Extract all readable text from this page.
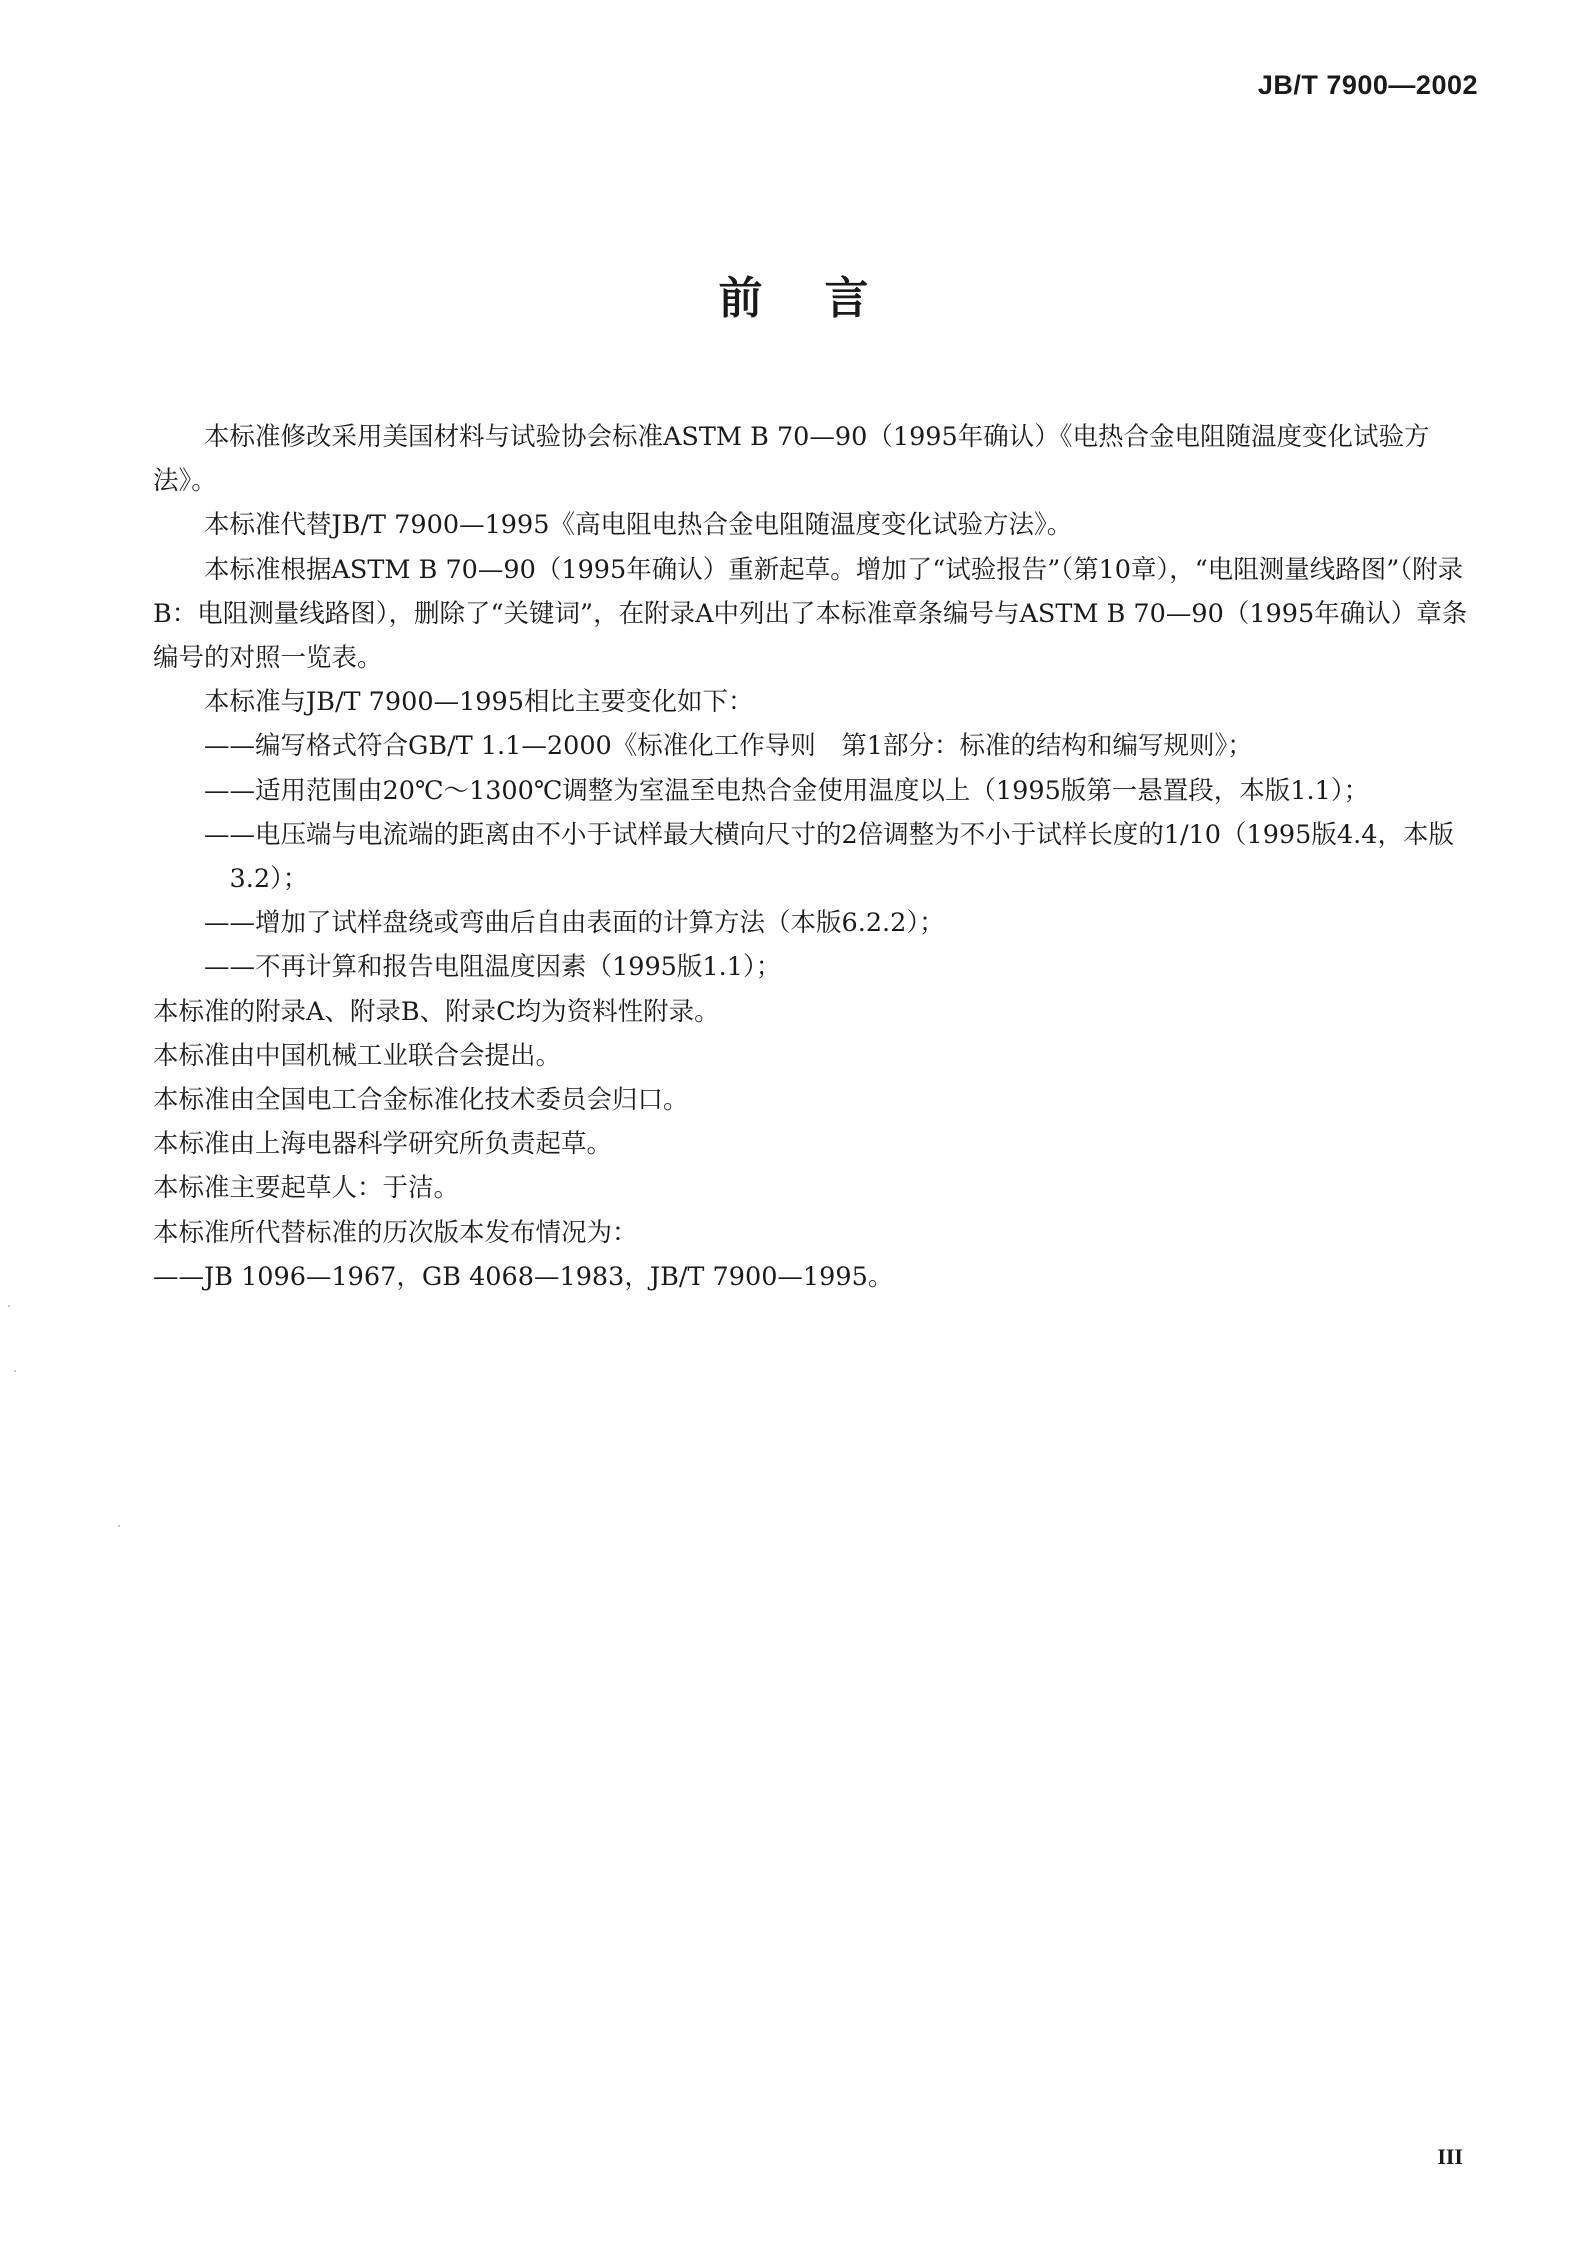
JB/T 7900—2002
前言

本标准修改采用美国材料与试验协会标准ASTM B 70—90（1995年确认）《电热合金电阻随温度变化试验方法》。

本标准代替JB/T 7900—1995《高电阻电热合金电阻随温度变化试验方法》。

本标准根据ASTM B 70—90（1995年确认）重新起草。增加了“试验报告”（第10章），“电阻测量线路图”（附录B：电阻测量线路图），删除了“关键词”，在附录A中列出了本标准章条编号与ASTM B 70—90（1995年确认）章条编号的对照一览表。

本标准与JB/T 7900—1995相比主要变化如下：

——编写格式符合GB/T 1.1—2000《标准化工作导则　第1部分：标准的结构和编写规则》；

——适用范围由20℃～1300℃调整为室温至电热合金使用温度以上（1995版第一悬置段，本版1.1）；

——电压端与电流端的距离由不小于试样最大横向尺寸的2倍调整为不小于试样长度的1/10（1995版4.4，本版3.2）；

——增加了试样盘绕或弯曲后自由表面的计算方法（本版6.2.2）；

——不再计算和报告电阻温度因素（1995版1.1）；

本标准的附录A、附录B、附录C均为资料性附录。

本标准由中国机械工业联合会提出。

本标准由全国电工合金标准化技术委员会归口。

本标准由上海电器科学研究所负责起草。

本标准主要起草人：于洁。

本标准所代替标准的历次版本发布情况为：

——JB 1096—1967，GB 4068—1983，JB/T 7900—1995。

III
